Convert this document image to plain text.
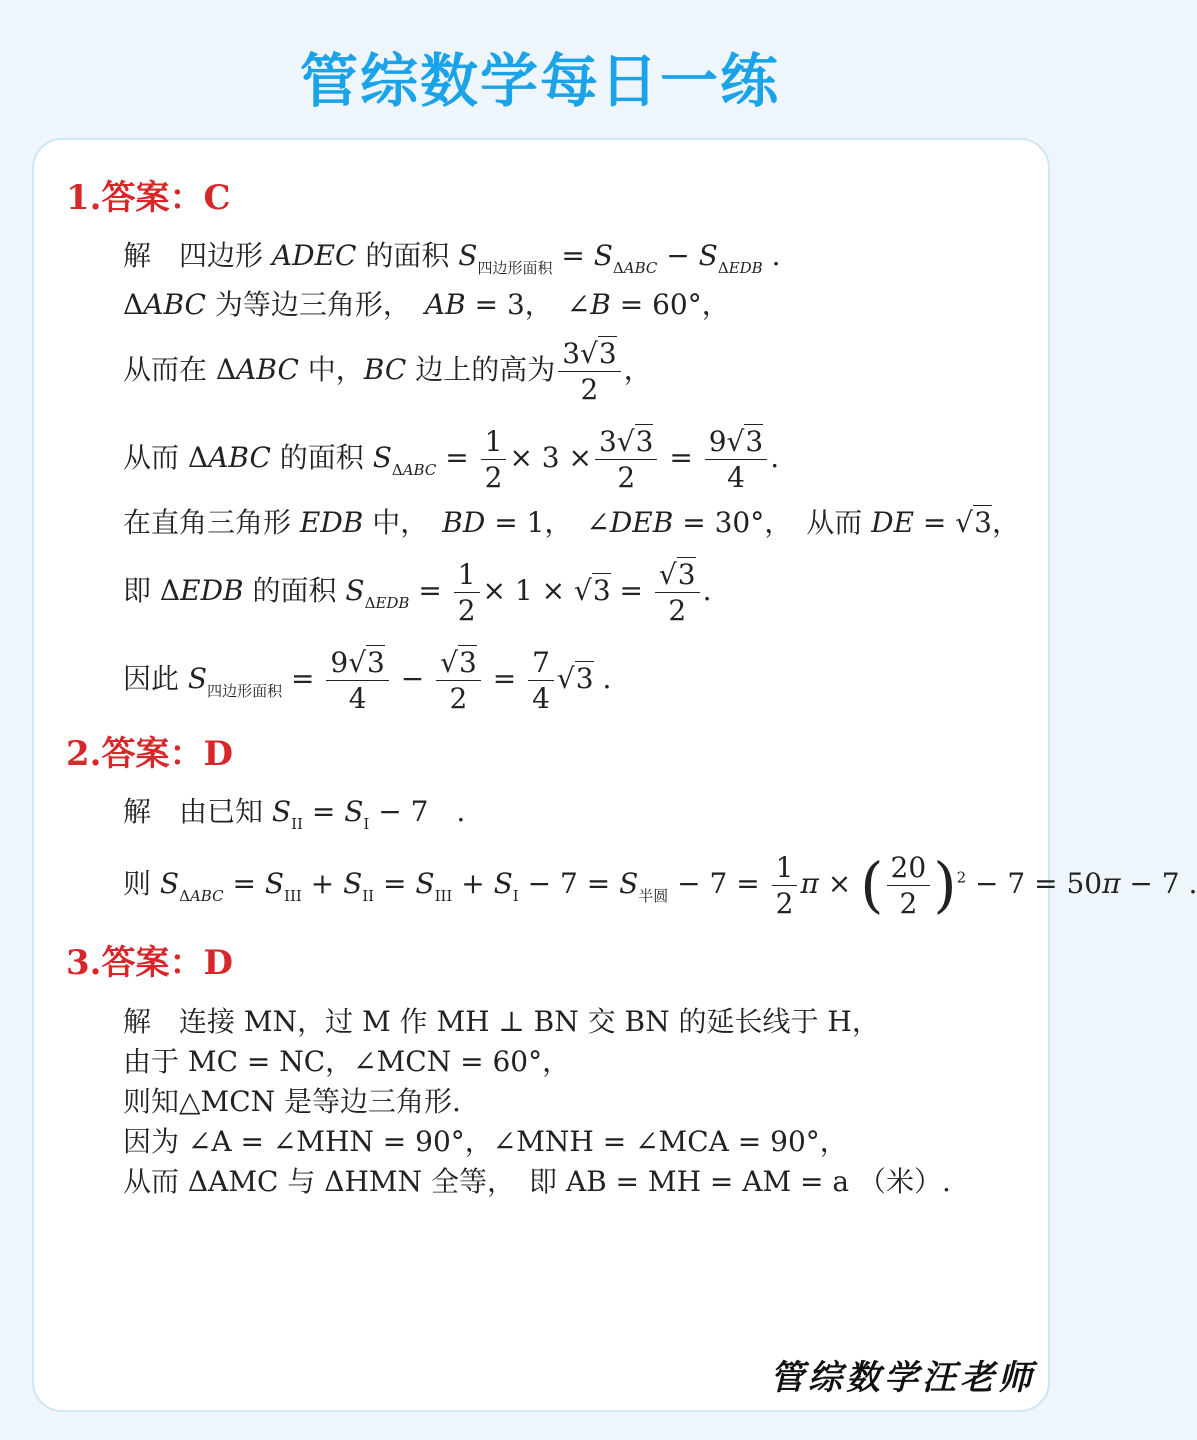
管综数学每日一练
1.答案：C
解　四边形 ADEC 的面积 $S_{四边形面积} = S_{\Delta ABC} - S_{\Delta EDB}$ .
ΔABC 为等边三角形，　AB = 3，　∠B = 60°，
从而在 ΔABC 中，BC 边上的高为 $\frac{3√3}{2}$ ，
从而 ΔABC 的面积 $S_{\Delta ABC} = \frac{1}{2} \times 3 \times \frac{3√3}{2} = \frac{9√3}{4}$ .
在直角三角形 EDB 中，　BD = 1，　∠DEB = 30°，　从而 DE = √3，
即 ΔEDB 的面积 $S_{\Delta EDB} = \frac{1}{2} \times 1 \times √3 = \frac{√3}{2}$ .
因此 $S_{四边形面积} = \frac{9√3}{4} - \frac{√3}{2} = \frac{7}{4} √3$ .
2.答案：D
解　由已知 $S_{II} = S_I - 7$　.
则 $S_{\Delta ABC} = S_{III} + S_{II} = S_{III} + S_I - 7 = S_{半圆} - 7 = \frac{1}{2}$ π × ( $\frac{20}{2} )^2 - 7 = 50\pi - 7$ .
3.答案：D
解　连接 MN，过 M 作 MH ⊥ BN 交 BN 的延长线于 H，
由于 MC = NC，∠MCN = 60°，
则知△MCN 是等边三角形.
因为 ∠A = ∠MHN = 90°，∠MNH = ∠MCA = 90°，
从而 ΔAMC 与 ΔHMN 全等，　即 AB = MH = AM = a （米）.
管综数学汪老师
